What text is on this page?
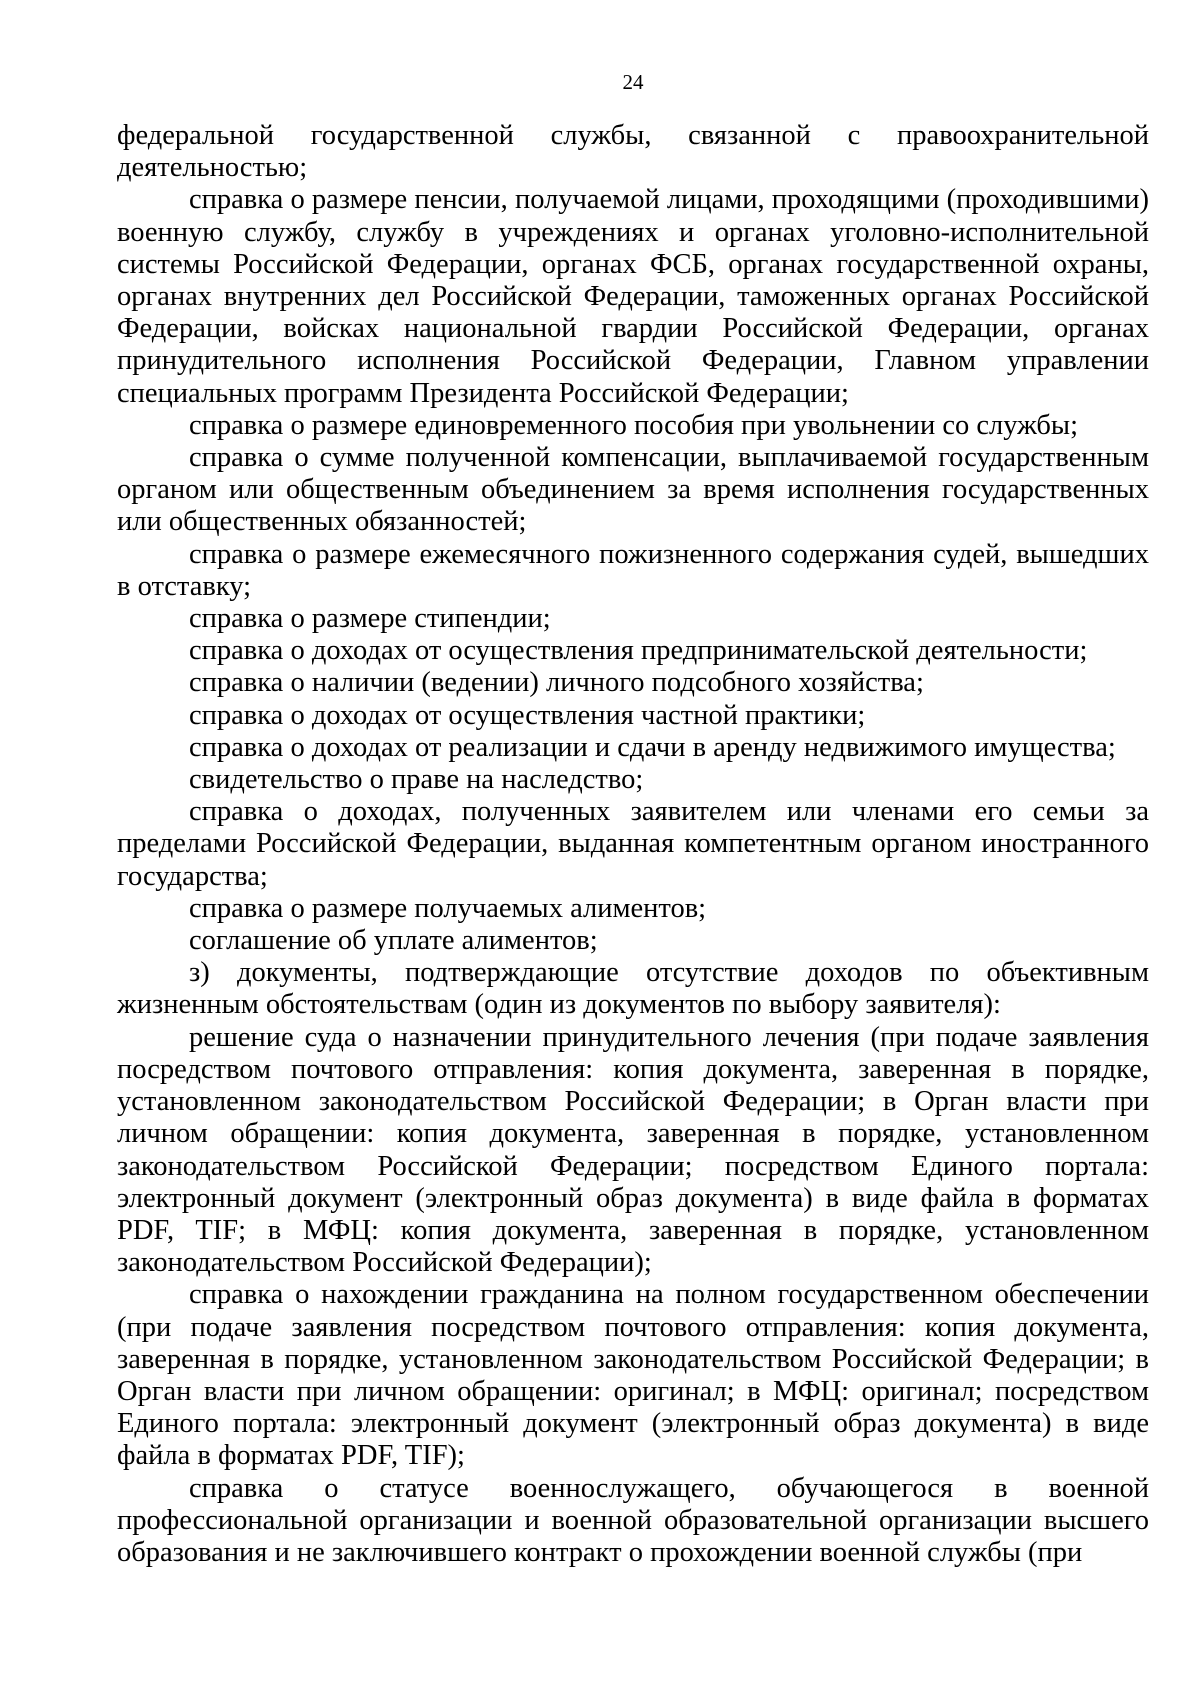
24

федеральной государственной службы, связанной с правоохранительной деятельностью;

справка о размере пенсии, получаемой лицами, проходящими (проходившими) военную службу, службу в учреждениях и органах уголовно-исполнительной системы Российской Федерации, органах ФСБ, органах государственной охраны, органах внутренних дел Российской Федерации, таможенных органах Российской Федерации, войсках национальной гвардии Российской Федерации, органах принудительного исполнения Российской Федерации, Главном управлении специальных программ Президента Российской Федерации;

справка о размере единовременного пособия при увольнении со службы;

справка о сумме полученной компенсации, выплачиваемой государственным органом или общественным объединением за время исполнения государственных или общественных обязанностей;

справка о размере ежемесячного пожизненного содержания судей, вышедших в отставку;

справка о размере стипендии;

справка о доходах от осуществления предпринимательской деятельности;

справка о наличии (ведении) личного подсобного хозяйства;

справка о доходах от осуществления частной практики;

справка о доходах от реализации и сдачи в аренду недвижимого имущества;

свидетельство о праве на наследство;

справка о доходах, полученных заявителем или членами его семьи за пределами Российской Федерации, выданная компетентным органом иностранного государства;

справка о размере получаемых алиментов;

соглашение об уплате алиментов;

з) документы, подтверждающие отсутствие доходов по объективным жизненным обстоятельствам (один из документов по выбору заявителя):

решение суда о назначении принудительного лечения (при подаче заявления посредством почтового отправления: копия документа, заверенная в порядке, установленном законодательством Российской Федерации; в Орган власти при личном обращении: копия документа, заверенная в порядке, установленном законодательством Российской Федерации; посредством Единого портала: электронный документ (электронный образ документа) в виде файла в форматах PDF, TIF; в МФЦ: копия документа, заверенная в порядке, установленном законодательством Российской Федерации);

справка о нахождении гражданина на полном государственном обеспечении (при подаче заявления посредством почтового отправления: копия документа, заверенная в порядке, установленном законодательством Российской Федерации; в Орган власти при личном обращении: оригинал; в МФЦ: оригинал; посредством Единого портала: электронный документ (электронный образ документа) в виде файла в форматах PDF, TIF);

справка о статусе военнослужащего, обучающегося в военной профессиональной организации и военной образовательной организации высшего образования и не заключившего контракт о прохождении военной службы (при
